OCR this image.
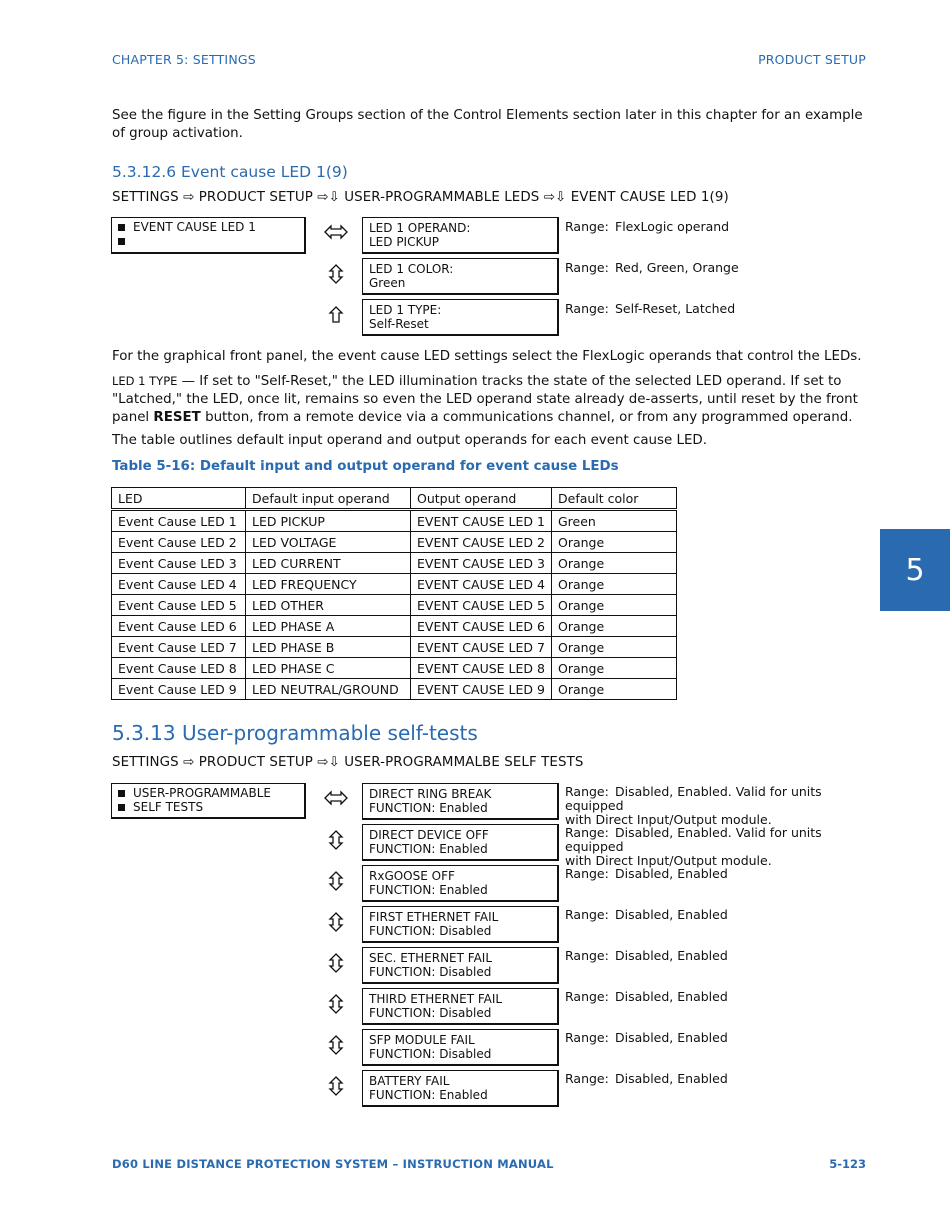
CHAPTER 5: SETTINGS	PRODUCT SETUP
See the figure in the Setting Groups section of the Control Elements section later in this chapter for an example of group activation.
5.3.12.6 Event cause LED 1(9)
SETTINGS ⇨ PRODUCT SETUP ⇨⇩ USER-PROGRAMMABLE LEDS ⇨⇩ EVENT CAUSE LED 1(9)
EVENT CAUSE LED 1	LED 1 OPERAND:
LED PICKUP
Range: FlexLogic operand
LED 1 COLOR:
Green
Range: Red, Green, Orange
LED 1 TYPE:
Self-Reset
Range: Self-Reset, Latched
For the graphical front panel, the event cause LED settings select the FlexLogic operands that control the LEDs.
LED 1 TYPE — If set to "Self-Reset," the LED illumination tracks the state of the selected LED operand. If set to "Latched," the LED, once lit, remains so even the LED operand state already de-asserts, until reset by the front panel RESET button, from a remote device via a communications channel, or from any programmed operand.
The table outlines default input operand and output operands for each event cause LED.
Table 5-16: Default input and output operand for event cause LEDs
LED	Default input operand	Output operand	Default color
Event Cause LED 1	LED PICKUP	EVENT CAUSE LED 1	Green
Event Cause LED 2	LED VOLTAGE	EVENT CAUSE LED 2	Orange
Event Cause LED 3	LED CURRENT	EVENT CAUSE LED 3	Orange
Event Cause LED 4	LED FREQUENCY	EVENT CAUSE LED 4	Orange
Event Cause LED 5	LED OTHER	EVENT CAUSE LED 5	Orange
Event Cause LED 6	LED PHASE A	EVENT CAUSE LED 6	Orange
Event Cause LED 7	LED PHASE B	EVENT CAUSE LED 7	Orange
Event Cause LED 8	LED PHASE C	EVENT CAUSE LED 8	Orange
Event Cause LED 9	LED NEUTRAL/GROUND	EVENT CAUSE LED 9	Orange
5.3.13 User-programmable self-tests
SETTINGS ⇨ PRODUCT SETUP ⇨⇩ USER-PROGRAMMALBE SELF TESTS
USER-PROGRAMMABLE
SELF TESTS
DIRECT RING BREAK
FUNCTION: Enabled
Range: Disabled, Enabled. Valid for units equipped
with Direct Input/Output module.
DIRECT DEVICE OFF
FUNCTION: Enabled
Range: Disabled, Enabled. Valid for units equipped
with Direct Input/Output module.
RxGOOSE OFF
FUNCTION: Enabled
Range: Disabled, Enabled
FIRST ETHERNET FAIL
FUNCTION: Disabled
Range: Disabled, Enabled
SEC. ETHERNET FAIL
FUNCTION: Disabled
Range: Disabled, Enabled
THIRD ETHERNET FAIL
FUNCTION: Disabled
Range: Disabled, Enabled
SFP MODULE FAIL
FUNCTION: Disabled
Range: Disabled, Enabled
BATTERY FAIL
FUNCTION: Enabled
Range: Disabled, Enabled
5
D60 LINE DISTANCE PROTECTION SYSTEM – INSTRUCTION MANUAL	5-123
